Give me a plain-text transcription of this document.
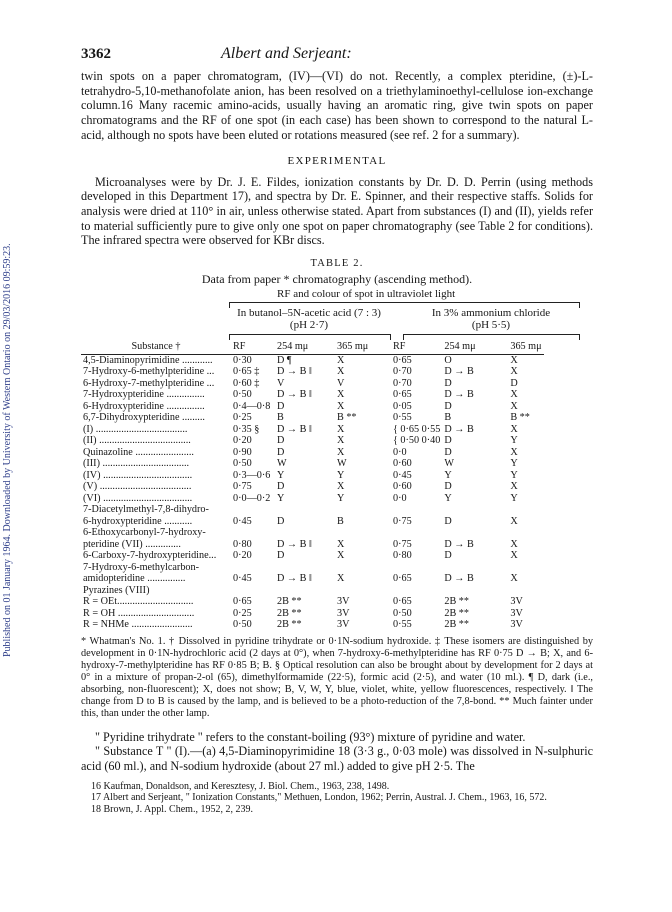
Published on 01 January 1964. Downloaded by University of Western Ontario on 29/03/2016 09:59:23.
3362	Albert and Serjeant:

twin spots on a paper chromatogram, (IV)—(VI) do not. Recently, a complex pteridine, (±)-L-tetrahydro-5,10-methanofolate anion, has been resolved on a triethylaminoethyl-cellulose ion-exchange column.16 Many racemic amino-acids, usually having an aromatic ring, give twin spots on paper chromatograms and the RF of one spot (in each case) has been shown to correspond to the natural L-acid, although no spots have been eluted or rotations measured (see ref. 2 for a summary).

EXPERIMENTAL

Microanalyses were by Dr. J. E. Fildes, ionization constants by Dr. D. D. Perrin (using methods developed in this Department 17), and spectra by Dr. E. Spinner, and their respective staffs. Solids for analysis were dried at 110° in air, unless otherwise stated. Apart from substances (I) and (II), yields refer to material sufficiently pure to give only one spot on paper chromatography (see Table 2 for conditions). The infrared spectra were observed for KBr discs.

TABLE 2.
Data from paper * chromatography (ascending method).
RF and colour of spot in ultraviolet light
In butanol–5N-acetic acid (7 : 3)
(pH 2·7)
In 3% ammonium chloride
(pH 5·5)
Substance †	RF	254 mμ	365 mμ	RF	254 mμ	365 mμ
4,5-Diaminopyrimidine ............	0·30	D ¶	X	0·65	O	X
7-Hydroxy-6-methylpteridine ...	0·65 ‡	D → B ‖	X	0·70	D → B	X
6-Hydroxy-7-methylpteridine ...	0·60 ‡	V	V	0·70	D	D
7-Hydroxypteridine ...............	0·50	D → B ‖	X	0·65	D → B	X
6-Hydroxypteridine ...............	0·4—0·8	D	X	0·05	D	X
6,7-Dihydroxypteridine .........	0·25	B	B **	0·55	B	B **
(I) ....................................	0·35 §	D → B ‖	X	{ 0·65 0·55	D → B	X
(II) ....................................	0·20	D	X	{ 0·50 0·40	D	Y
Quinazoline .......................	0·90	D	X	0·0	D	X
(III) ..................................	0·50	W	W	0·60	W	Y
(IV) ...................................	0·3—0·6	Y	Y	0·45	Y	Y
(V) ....................................	0·75	D	X	0·60	D	X
(VI) ...................................	0·0—0·2	Y	Y	0·0	Y	Y
7-Diacetylmethyl-7,8-dihydro-						
6-hydroxypteridine ...........	0·45	D	B	0·75	D	X
6-Ethoxycarbonyl-7-hydroxy-						
pteridine (VII) ..............	0·80	D → B ‖	X	0·75	D → B	X
6-Carboxy-7-hydroxypteridine...	0·20	D	X	0·80	D	X
7-Hydroxy-6-methylcarbon-						
amidopteridine ...............	0·45	D → B ‖	X	0·65	D → B	X
Pyrazines (VIII)						
R = OEt..............................	0·65	2B **	3V	0·65	2B **	3V
R = OH ..............................	0·25	2B **	3V	0·50	2B **	3V
R = NHMe ........................	0·50	2B **	3V	0·55	2B **	3V

* Whatman's No. 1. † Dissolved in pyridine trihydrate or 0·1N-sodium hydroxide. ‡ These isomers are distinguished by development in 0·1N-hydrochloric acid (2 days at 0°), when 7-hydroxy-6-methylpteridine has RF 0·75 D → B; X, and 6-hydroxy-7-methylpteridine has RF 0·85 B; B. § Optical resolution can also be brought about by development for 2 days at 0° in a mixture of propan-2-ol (65), dimethylformamide (22·5), formic acid (2·5), and water (10 ml.). ¶ D, dark (i.e., absorbing, non-fluorescent); X, does not show; B, V, W, Y, blue, violet, white, yellow fluorescences, respectively. ‖ The change from D to B is caused by the lamp, and is believed to be a photo-reduction of the 7,8-bond. ** Much fainter under this, than under the other lamp.

" Pyridine trihydrate " refers to the constant-boiling (93°) mixture of pyridine and water.

" Substance T " (I).—(a) 4,5-Diaminopyrimidine 18 (3·3 g., 0·03 mole) was dissolved in N-sulphuric acid (60 ml.), and N-sodium hydroxide (about 27 ml.) added to give pH 2·5. The

16 Kaufman, Donaldson, and Keresztesy, J. Biol. Chem., 1963, 238, 1498.
17 Albert and Serjeant, " Ionization Constants," Methuen, London, 1962; Perrin, Austral. J. Chem., 1963, 16, 572.
18 Brown, J. Appl. Chem., 1952, 2, 239.
